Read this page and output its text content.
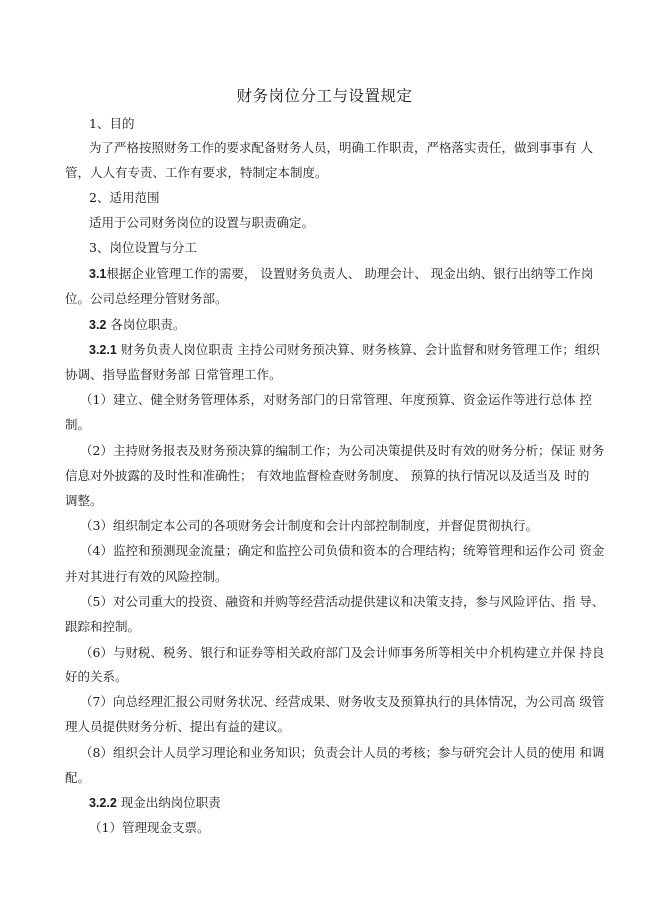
财务岗位分工与设置规定

1、目的

为了严格按照财务工作的要求配备财务人员，明确工作职责，严格落实责任，做到事事有 人

管，人人有专责、工作有要求，特制定本制度。

2、适用范围

适用于公司财务岗位的设置与职责确定。

3、岗位设置与分工

3.1根据企业管理工作的需要， 设置财务负责人、 助理会计、 现金出纳、银行出纳等工作岗

位。公司总经理分管财务部。

3.2 各岗位职责。

3.2.1 财务负责人岗位职责 主持公司财务预决算、财务核算、会计监督和财务管理工作；组织

协调、指导监督财务部 日常管理工作。

（1）建立、健全财务管理体系，对财务部门的日常管理、年度预算、资金运作等进行总体 控

制。

（2）主持财务报表及财务预决算的编制工作；为公司决策提供及时有效的财务分析；保证 财务

信息对外披露的及时性和准确性； 有效地监督检查财务制度、 预算的执行情况以及适当及 时的

调整。

（3）组织制定本公司的各项财务会计制度和会计内部控制制度，并督促贯彻执行。

（4）监控和预测现金流量；确定和监控公司负债和资本的合理结构；统筹管理和运作公司 资金

并对其进行有效的风险控制。

（5）对公司重大的投资、融资和并购等经营活动提供建议和决策支持，参与风险评估、指 导、

跟踪和控制。

（6）与财税、税务、银行和证券等相关政府部门及会计师事务所等相关中介机构建立并保 持良

好的关系。

（7）向总经理汇报公司财务状况、经营成果、财务收支及预算执行的具体情况，为公司高 级管

理人员提供财务分析、提出有益的建议。

（8）组织会计人员学习理论和业务知识；负责会计人员的考核；参与研究会计人员的使用 和调

配。

3.2.2 现金出纳岗位职责

（1）管理现金支票。
